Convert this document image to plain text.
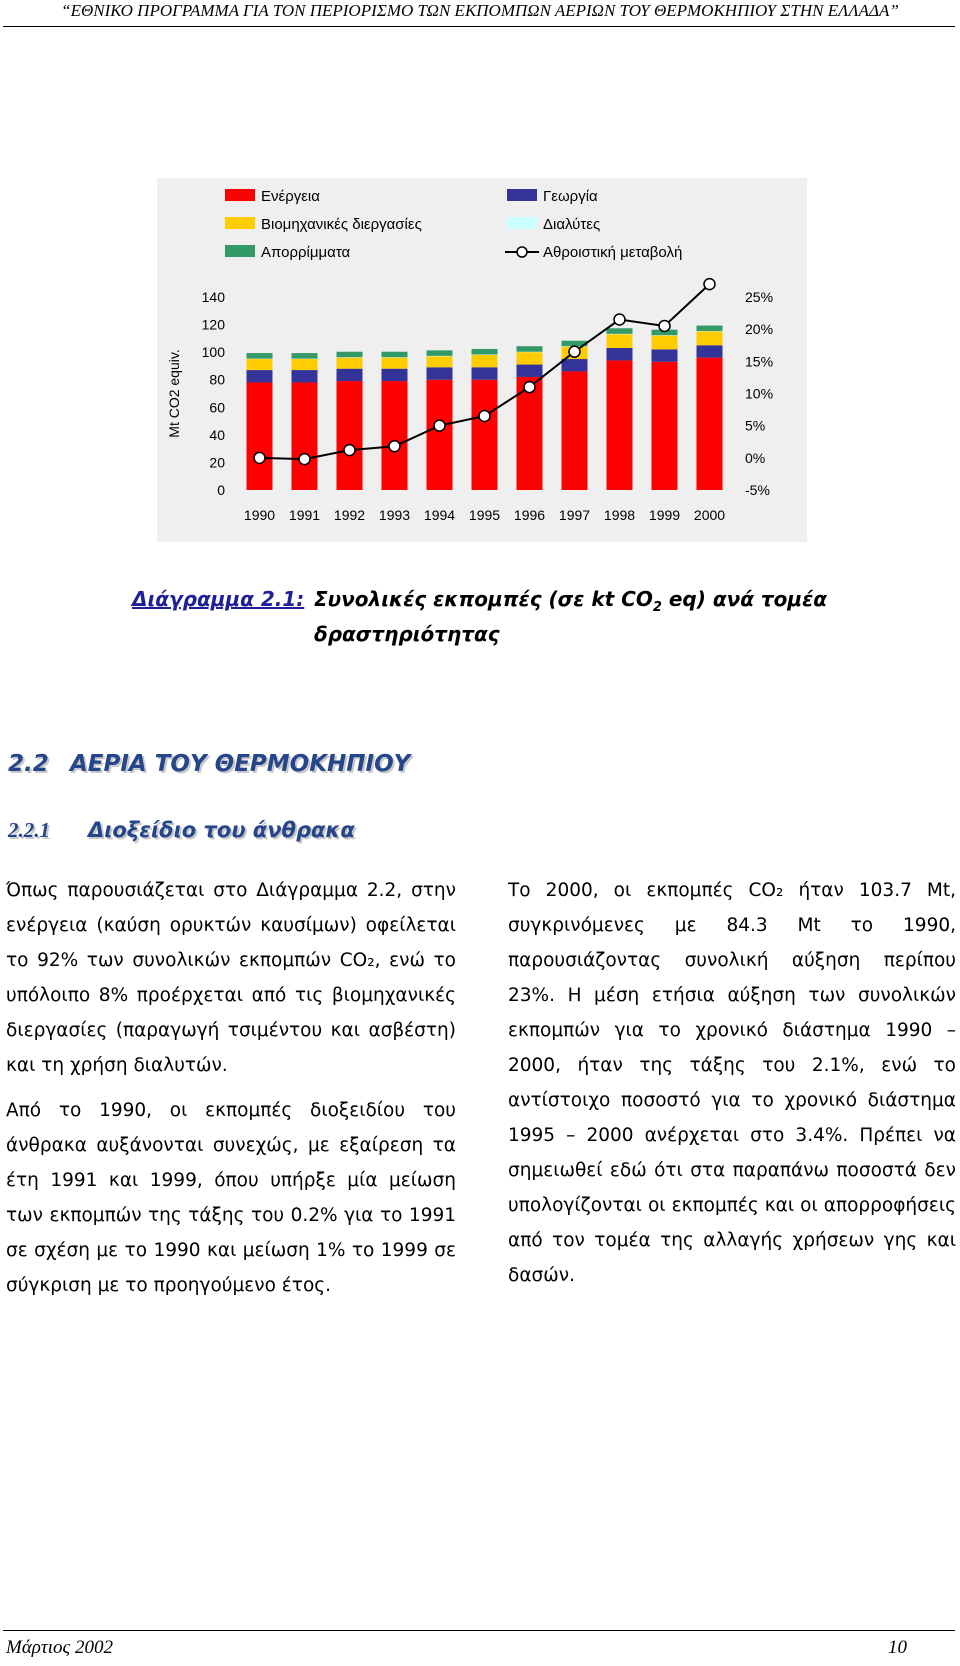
“ΕΘΝΙΚΟ ΠΡΟΓΡΑΜΜΑ ΓΙΑ ΤΟΝ ΠΕΡΙΟΡΙΣΜΟ ΤΩΝ ΕΚΠΟΜΠΩΝ ΑΕΡΙΩΝ ΤΟΥ ΘΕΡΜΟΚΗΠΙΟΥ ΣΤΗΝ ΕΛΛΑΔΑ”
Ενέργεια
Βιομηχανικές διεργασίες
Απορρίμματα
Γεωργία
Διαλύτες
Αθροιστική μεταβολή
Mt CO2 equiv.
140
120
100
80
60
40
20
0
25%
20%
15%
10%
5%
0%
-5%
1990 1991 1992 1993 1994 1995 1996 1997 1998 1999 2000
Διάγραμμα 2.1: Συνολικές εκπομπές (σε kt $CO_2$ eq) ανά τομέα δραστηριότητας
2.2 ΑΕΡΙΑ ΤΟΥ ΘΕΡΜΟΚΗΠΙΟΥ
2.2.1 Διοξείδιο του άνθρακα

Όπως παρουσιάζεται στο Διάγραμμα 2.2, στην ενέργεια (καύση ορυκτών καυσίμων) οφείλεται το 92% των συνολικών εκπομπών CO₂, ενώ το υπόλοιπο 8% προέρχεται από τις βιομηχανικές διεργασίες (παραγωγή τσιμέντου και ασβέστη) και τη χρήση διαλυτών.

Από το 1990, οι εκπομπές διοξειδίου του άνθρακα αυξάνονται συνεχώς, με εξαίρεση τα έτη 1991 και 1999, όπου υπήρξε μία μείωση των εκπομπών της τάξης του 0.2% για το 1991 σε σχέση με το 1990 και μείωση 1% το 1999 σε σύγκριση με το προηγούμενο έτος.

Το 2000, οι εκπομπές CO₂ ήταν 103.7 Mt, συγκρινόμενες με 84.3 Mt το 1990, παρουσιάζοντας συνολική αύξηση περίπου 23%. Η μέση ετήσια αύξηση των συνολικών εκπομπών για το χρονικό διάστημα 1990 – 2000, ήταν της τάξης του 2.1%, ενώ το αντίστοιχο ποσοστό για το χρονικό διάστημα 1995 – 2000 ανέρχεται στο 3.4%. Πρέπει να σημειωθεί εδώ ότι στα παραπάνω ποσοστά δεν υπολογίζονται οι εκπομπές και οι απορροφήσεις από τον τομέα της αλλαγής χρήσεων γης και δασών.

Μάρτιος 2002	10
